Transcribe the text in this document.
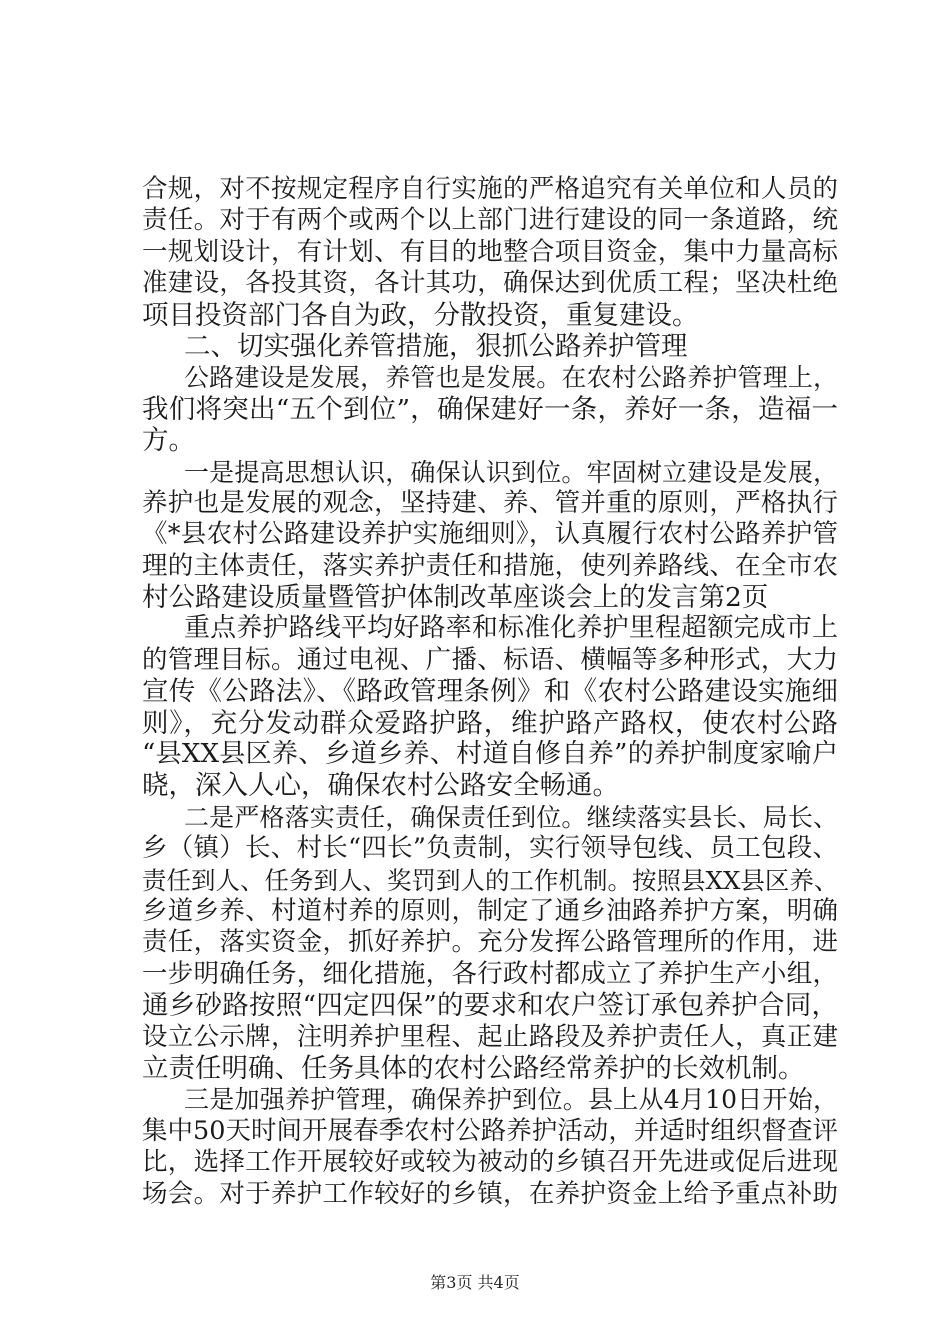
合规，对不按规定程序自行实施的严格追究有关单位和人员的
责任。对于有两个或两个以上部门进行建设的同一条道路，统
一规划设计，有计划、有目的地整合项目资金，集中力量高标
准建设，各投其资，各计其功，确保达到优质工程；坚决杜绝
项目投资部门各自为政，分散投资，重复建设。
二、切实强化养管措施，狠抓公路养护管理
公路建设是发展，养管也是发展。在农村公路养护管理上，
我们将突出“五个到位”，确保建好一条，养好一条，造福一
方。
一是提高思想认识，确保认识到位。牢固树立建设是发展，
养护也是发展的观念，坚持建、养、管并重的原则，严格执行
《*县农村公路建设养护实施细则》，认真履行农村公路养护管
理的主体责任，落实养护责任和措施，使列养路线、在全市农
村公路建设质量暨管护体制改革座谈会上的发言第2页
重点养护路线平均好路率和标准化养护里程超额完成市上
的管理目标。通过电视、广播、标语、横幅等多种形式，大力
宣传《公路法》、《路政管理条例》和《农村公路建设实施细
则》，充分发动群众爱路护路，维护路产路权，使农村公路
“县XX县区养、乡道乡养、村道自修自养”的养护制度家喻户
晓，深入人心，确保农村公路安全畅通。
二是严格落实责任，确保责任到位。继续落实县长、局长、
乡（镇）长、村长“四长”负责制，实行领导包线、员工包段、
责任到人、任务到人、奖罚到人的工作机制。按照县XX县区养、
乡道乡养、村道村养的原则，制定了通乡油路养护方案，明确
责任，落实资金，抓好养护。充分发挥公路管理所的作用，进
一步明确任务，细化措施，各行政村都成立了养护生产小组，
通乡砂路按照“四定四保”的要求和农户签订承包养护合同，
设立公示牌，注明养护里程、起止路段及养护责任人，真正建
立责任明确、任务具体的农村公路经常养护的长效机制。
三是加强养护管理，确保养护到位。县上从4月10日开始，
集中50天时间开展春季农村公路养护活动，并适时组织督查评
比，选择工作开展较好或较为被动的乡镇召开先进或促后进现
场会。对于养护工作较好的乡镇，在养护资金上给予重点补助
第3页 共4页
